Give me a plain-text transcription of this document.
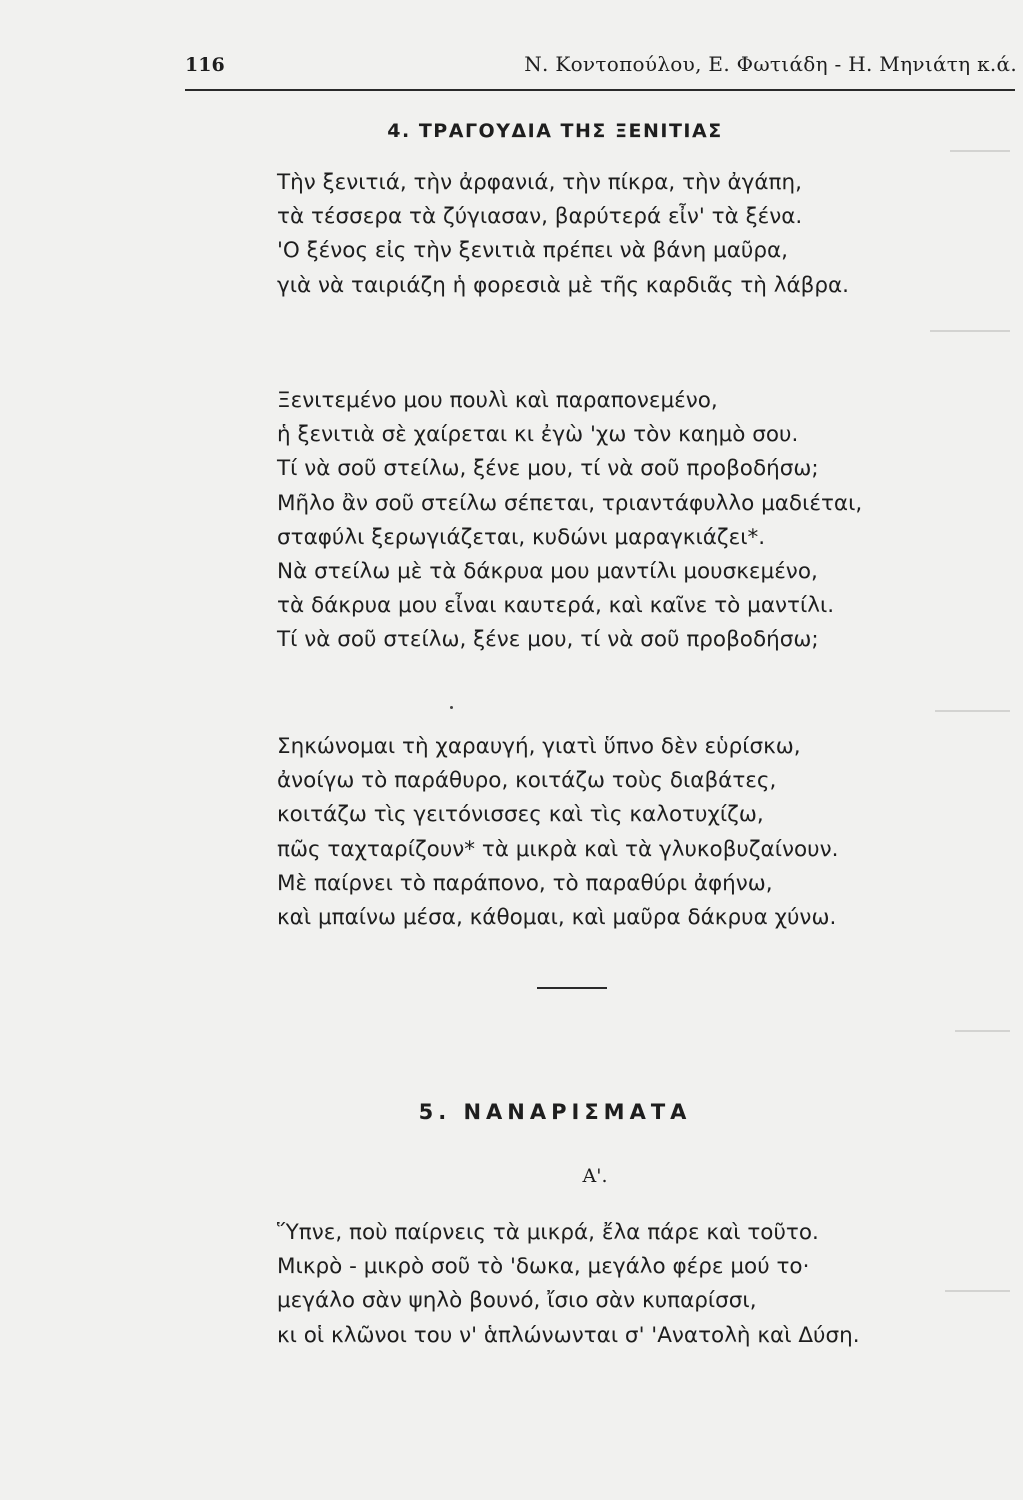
116	Ν. Κοντοπούλου, Ε. Φωτιάδη - Η. Μηνιάτη κ.ά.
4. ΤΡΑΓΟΥΔΙΑ ΤΗΣ ΞΕΝΙΤΙΑΣ
Τὴν ξενιτιά, τὴν ἀρφανιά, τὴν πίκρα, τὴν ἀγάπη,
τὰ τέσσερα τὰ ζύγιασαν, βαρύτερά εἶν' τὰ ξένα.
'Ο ξένος εἰς τὴν ξενιτιὰ πρέπει νὰ βάνη μαῦρα,
γιὰ νὰ ταιριάζη ἡ φορεσιὰ μὲ τῆς καρδιᾶς τὴ λάβρα.
Ξενιτεμένο μου πουλὶ καὶ παραπονεμένο,
ἡ ξενιτιὰ σὲ χαίρεται κι ἐγὼ 'χω τὸν καημὸ σου.
Τί νὰ σοῦ στείλω, ξένε μου, τί νὰ σοῦ προβοδήσω;
Μῆλο ἂν σοῦ στείλω σέπεται, τριαντάφυλλο μαδιέται,
σταφύλι ξερωγιάζεται, κυδώνι μαραγκιάζει*.
Νὰ στείλω μὲ τὰ δάκρυα μου μαντίλι μουσκεμένο,
τὰ δάκρυα μου εἶναι καυτερά, καὶ καῖνε τὸ μαντίλι.
Τί νὰ σοῦ στείλω, ξένε μου, τί νὰ σοῦ προβοδήσω;
Σηκώνομαι τὴ χαραυγή, γιατὶ ὕπνο δὲν εὑρίσκω,
ἀνοίγω τὸ παράθυρο, κοιτάζω τοὺς διαβάτες,
κοιτάζω τὶς γειτόνισσες καὶ τὶς καλοτυχίζω,
πῶς ταχταρίζουν* τὰ μικρὰ καὶ τὰ γλυκοβυζαίνουν.
Μὲ παίρνει τὸ παράπονο, τὸ παραθύρι ἀφήνω,
καὶ μπαίνω μέσα, κάθομαι, καὶ μαῦρα δάκρυα χύνω.
5. ΝΑΝΑΡΙΣΜΑΤΑ
Α'.
Ὕπνε, ποὺ παίρνεις τὰ μικρά, ἔλα πάρε καὶ τοῦτο.
Μικρὸ - μικρὸ σοῦ τὸ 'δωκα, μεγάλο φέρε μού το·
μεγάλο σὰν ψηλὸ βουνό, ἴσιο σὰν κυπαρίσσι,
κι οἱ κλῶνοι του ν' ἁπλώνωνται σ' 'Ανατολὴ καὶ Δύση.
